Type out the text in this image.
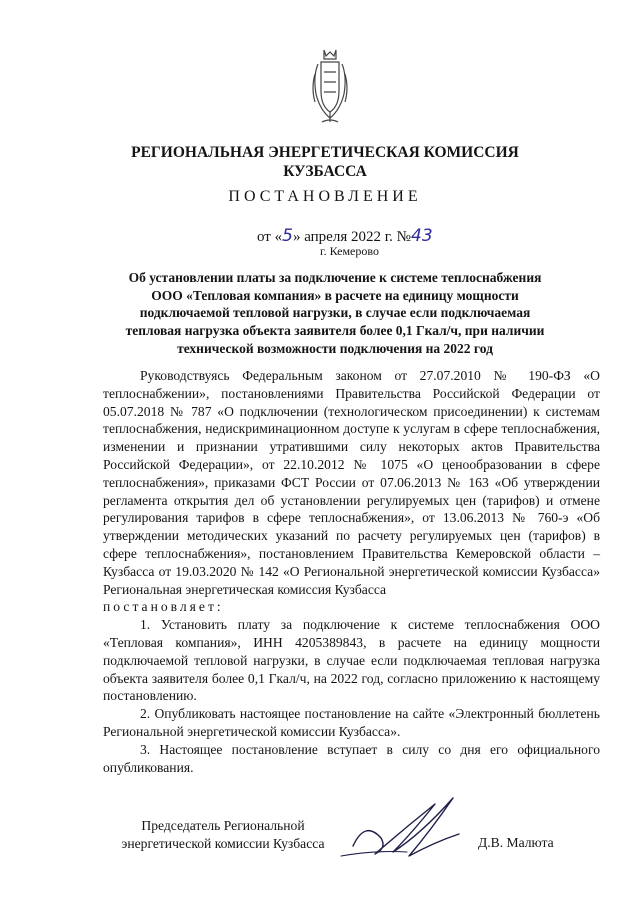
РЕГИОНАЛЬНАЯ ЭНЕРГЕТИЧЕСКАЯ КОМИССИЯ
КУЗБАССА
ПОСТАНОВЛЕНИЕ
от «5» апреля 2022 г. №43
г. Кемерово
Об установлении платы за подключение к системе теплоснабжения
ООО «Тепловая компания» в расчете на единицу мощности
подключаемой тепловой нагрузки, в случае если подключаемая
тепловая нагрузка объекта заявителя более 0,1 Гкал/ч, при наличии
технической возможности подключения на 2022 год

Руководствуясь Федеральным законом от 27.07.2010 № 190-ФЗ «О теплоснабжении», постановлениями Правительства Российской Федерации от 05.07.2018 № 787 «О подключении (технологическом присоединении) к системам теплоснабжения, недискриминационном доступе к услугам в сфере теплоснабжения, изменении и признании утратившими силу некоторых актов Правительства Российской Федерации», от 22.10.2012 № 1075 «О ценообразовании в сфере теплоснабжения», приказами ФСТ России от 07.06.2013 № 163 «Об утверждении регламента открытия дел об установлении регулируемых цен (тарифов) и отмене регулирования тарифов в сфере теплоснабжения», от 13.06.2013 № 760-э «Об утверждении методических указаний по расчету регулируемых цен (тарифов) в сфере теплоснабжения», постановлением Правительства Кемеровской области – Кузбасса от 19.03.2020 № 142 «О Региональной энергетической комиссии Кузбасса» Региональная энергетическая комиссия Кузбасса

постановляет:

1. Установить плату за подключение к системе теплоснабжения ООО «Тепловая компания», ИНН 4205389843, в расчете на единицу мощности подключаемой тепловой нагрузки, в случае если подключаемая тепловая нагрузка объекта заявителя более 0,1 Гкал/ч, на 2022 год, согласно приложению к настоящему постановлению.

2. Опубликовать настоящее постановление на сайте «Электронный бюллетень Региональной энергетической комиссии Кузбасса».

3. Настоящее постановление вступает в силу со дня его официального опубликования.

Председатель Региональной
энергетической комиссии Кузбасса	Д.В. Малюта
